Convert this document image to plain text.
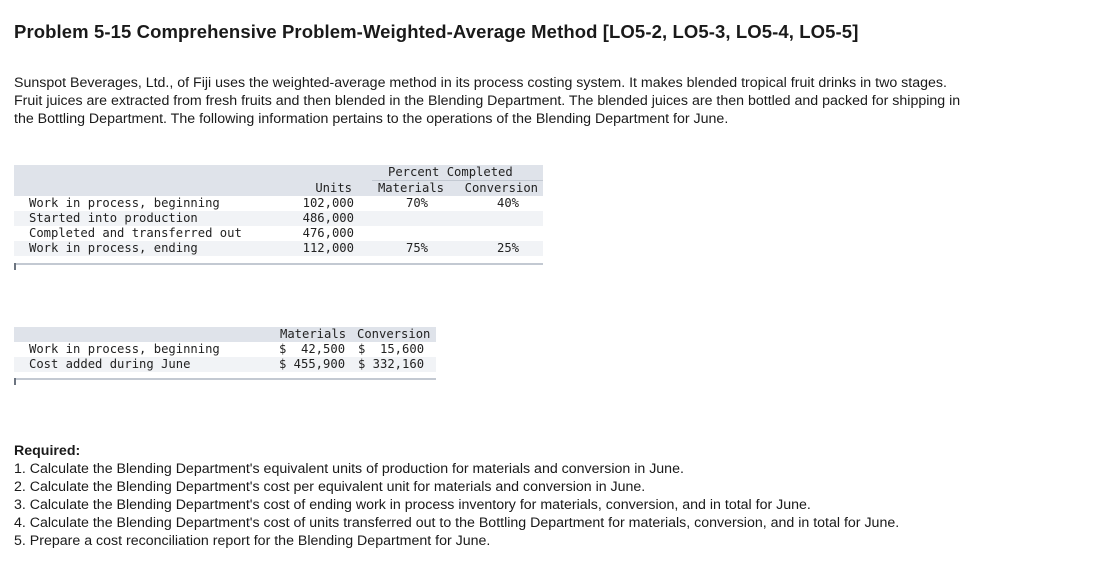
Problem 5-15 Comprehensive Problem-Weighted-Average Method [LO5-2, LO5-3, LO5-4, LO5-5]
Sunspot Beverages, Ltd., of Fiji uses the weighted-average method in its process costing system. It makes blended tropical fruit drinks in two stages. Fruit juices are extracted from fresh fruits and then blended in the Blending Department. The blended juices are then bottled and packed for shipping in the Bottling Department. The following information pertains to the operations of the Blending Department for June.
Percent Completed
Units	Materials	Conversion
Work in process, beginning	102,000	70%	40%
Started into production	486,000
Completed and transferred out	476,000
Work in process, ending	112,000	75%	25%
Materials Conversion
Work in process, beginning	$  42,500 $  15,600
Cost added during June	$ 455,900 $ 332,160

Required:

1. Calculate the Blending Department's equivalent units of production for materials and conversion in June.

2. Calculate the Blending Department's cost per equivalent unit for materials and conversion in June.

3. Calculate the Blending Department's cost of ending work in process inventory for materials, conversion, and in total for June.

4. Calculate the Blending Department's cost of units transferred out to the Bottling Department for materials, conversion, and in total for June.

5. Prepare a cost reconciliation report for the Blending Department for June.
